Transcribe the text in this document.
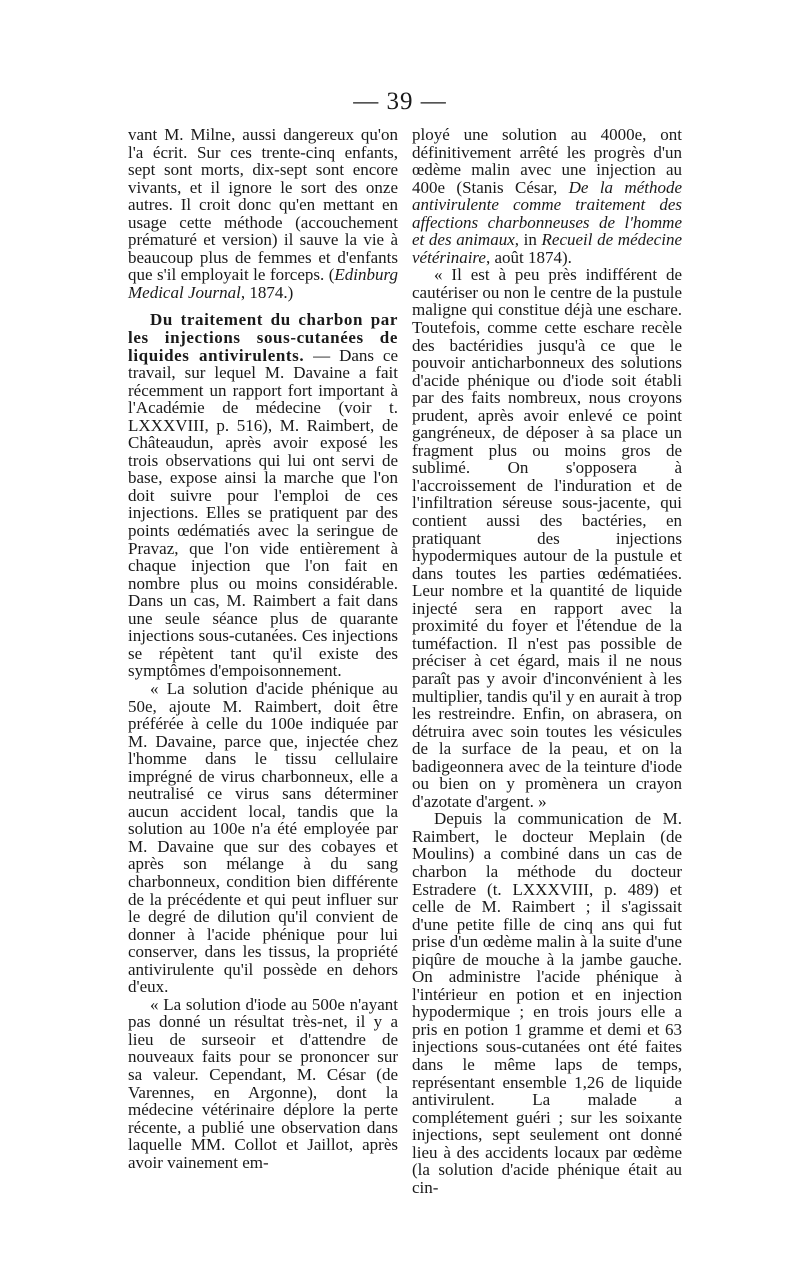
— 39 —

vant M. Milne, aussi dangereux qu'on l'a écrit. Sur ces trente-cinq enfants, sept sont morts, dix-sept sont encore vivants, et il ignore le sort des onze autres. Il croit donc qu'en mettant en usage cette méthode (accouchement prématuré et version) il sauve la vie à beaucoup plus de femmes et d'enfants que s'il employait le forceps. (Edinburg Medical Journal, 1874.)

Du traitement du charbon par les injections sous-cutanées de liquides antivirulents. — Dans ce travail, sur lequel M. Davaine a fait récemment un rapport fort important à l'Académie de médecine (voir t. LXXXVIII, p. 516), M. Raimbert, de Châteaudun, après avoir exposé les trois observations qui lui ont servi de base, expose ainsi la marche que l'on doit suivre pour l'emploi de ces injections. Elles se pratiquent par des points œdématiés avec la seringue de Pravaz, que l'on vide entièrement à chaque injection que l'on fait en nombre plus ou moins considérable. Dans un cas, M. Raimbert a fait dans une seule séance plus de quarante injections sous-cutanées. Ces injections se répètent tant qu'il existe des symptômes d'empoisonnement.

« La solution d'acide phénique au 50e, ajoute M. Raimbert, doit être préférée à celle du 100e indiquée par M. Davaine, parce que, injectée chez l'homme dans le tissu cellulaire imprégné de virus charbonneux, elle a neutralisé ce virus sans déterminer aucun accident local, tandis que la solution au 100e n'a été employée par M. Davaine que sur des cobayes et après son mélange à du sang charbonneux, condition bien différente de la précédente et qui peut influer sur le degré de dilution qu'il convient de donner à l'acide phénique pour lui conserver, dans les tissus, la propriété antivirulente qu'il possède en dehors d'eux.

« La solution d'iode au 500e n'ayant pas donné un résultat très-net, il y a lieu de surseoir et d'attendre de nouveaux faits pour se prononcer sur sa valeur. Cependant, M. César (de Varennes, en Argonne), dont la médecine vétérinaire déplore la perte récente, a publié une observation dans laquelle MM. Collot et Jaillot, après avoir vainement em-

ployé une solution au 4000e, ont définitivement arrêté les progrès d'un œdème malin avec une injection au 400e (Stanis César, De la méthode antivirulente comme traitement des affections charbonneuses de l'homme et des animaux, in Recueil de médecine vétérinaire, août 1874).

« Il est à peu près indifférent de cautériser ou non le centre de la pustule maligne qui constitue déjà une eschare. Toutefois, comme cette eschare recèle des bactéridies jusqu'à ce que le pouvoir anticharbonneux des solutions d'acide phénique ou d'iode soit établi par des faits nombreux, nous croyons prudent, après avoir enlevé ce point gangréneux, de déposer à sa place un fragment plus ou moins gros de sublimé. On s'opposera à l'accroissement de l'induration et de l'infiltration séreuse sous-jacente, qui contient aussi des bactéries, en pratiquant des injections hypodermiques autour de la pustule et dans toutes les parties œdématiées. Leur nombre et la quantité de liquide injecté sera en rapport avec la proximité du foyer et l'étendue de la tuméfaction. Il n'est pas possible de préciser à cet égard, mais il ne nous paraît pas y avoir d'inconvénient à les multiplier, tandis qu'il y en aurait à trop les restreindre. Enfin, on abrasera, on détruira avec soin toutes les vésicules de la surface de la peau, et on la badigeonnera avec de la teinture d'iode ou bien on y promènera un crayon d'azotate d'argent. »

Depuis la communication de M. Raimbert, le docteur Meplain (de Moulins) a combiné dans un cas de charbon la méthode du docteur Estradere (t. LXXXVIII, p. 489) et celle de M. Raimbert ; il s'agissait d'une petite fille de cinq ans qui fut prise d'un œdème malin à la suite d'une piqûre de mouche à la jambe gauche. On administre l'acide phénique à l'intérieur en potion et en injection hypodermique ; en trois jours elle a pris en potion 1 gramme et demi et 63 injections sous-cutanées ont été faites dans le même laps de temps, représentant ensemble 1,26 de liquide antivirulent. La malade a complétement guéri ; sur les soixante injections, sept seulement ont donné lieu à des accidents locaux par œdème (la solution d'acide phénique était au cin-
